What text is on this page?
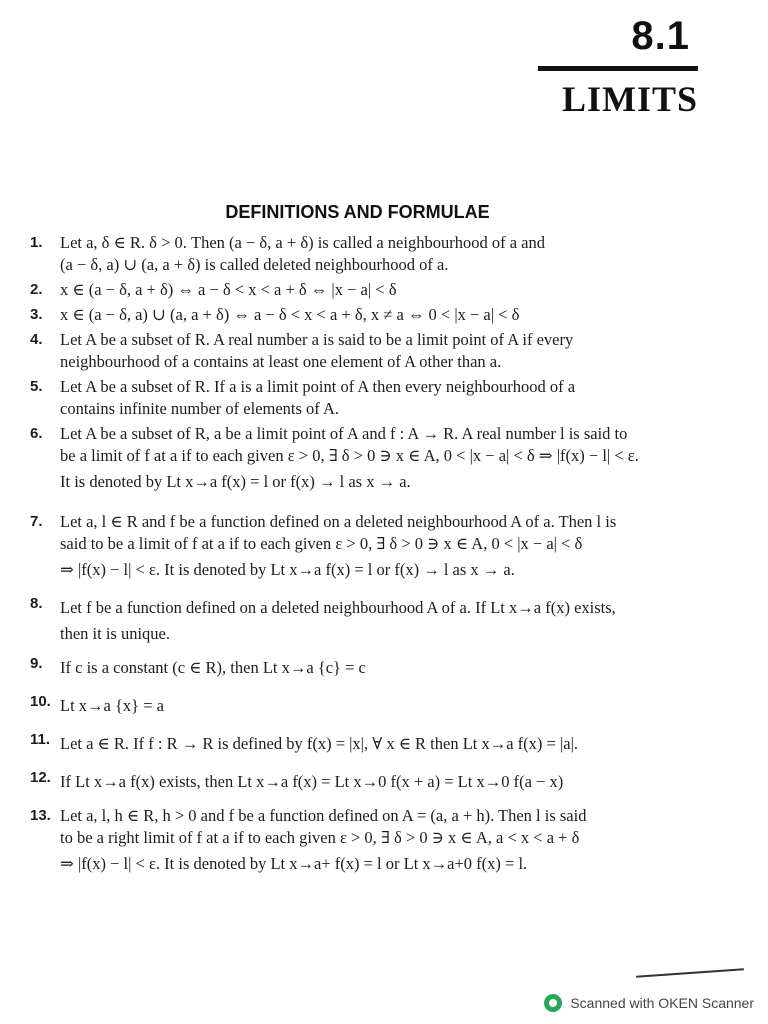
8.1
LIMITS
DEFINITIONS AND FORMULAE
1. Let a, δ ∈ R. δ > 0. Then (a − δ, a + δ) is called a neighbourhood of a and
(a − δ, a) ∪ (a, a + δ) is called deleted neighbourhood of a.
2. x ∈ (a − δ, a + δ) ⇔ a − δ < x < a + δ ⇔ |x − a| < δ
3. x ∈ (a − δ, a) ∪ (a, a + δ) ⇔ a − δ < x < a + δ, x ≠ a ⇔ 0 < |x − a| < δ
4. Let A be a subset of R. A real number a is said to be a limit point of A if every
neighbourhood of a contains at least one element of A other than a.
5. Let A be a subset of R. If a is a limit point of A then every neighbourhood of a
contains infinite number of elements of A.
6. Let A be a subset of R, a be a limit point of A and f : A → R. A real number l is said to
be a limit of f at a if to each given ε > 0, ∃ δ > 0 ∋ x ∈ A, 0 < |x − a| < δ ⇒ |f(x) − l| < ε.
It is denoted by Lt x→a f(x) = l or f(x) → l as x → a.
7. Let a, l ∈ R and f be a function defined on a deleted neighbourhood A of a. Then l is
said to be a limit of f at a if to each given ε > 0, ∃ δ > 0 ∋ x ∈ A, 0 < |x − a| < δ
⇒ |f(x) − l| < ε. It is denoted by Lt x→a f(x) = l or f(x) → l as x → a.
8. Let f be a function defined on a deleted neighbourhood A of a. If Lt x→a f(x) exists,
then it is unique.
9. If c is a constant (c ∈ R), then Lt x→a {c} = c
10. Lt x→a {x} = a
11. Let a ∈ R. If f : R → R is defined by f(x) = |x|, ∀ x ∈ R then Lt x→a f(x) = |a|.
12. If Lt x→a f(x) exists, then Lt x→a f(x) = Lt x→0 f(x + a) = Lt x→0 f(a − x)
13. Let a, l, h ∈ R, h > 0 and f be a function defined on A = (a, a + h). Then l is said
to be a right limit of f at a if to each given ε > 0, ∃ δ > 0 ∋ x ∈ A, a < x < a + δ
⇒ |f(x) − l| < ε. It is denoted by Lt x→a+ f(x) = l or Lt x→a+0 f(x) = l.
Scanned with OKEN Scanner
